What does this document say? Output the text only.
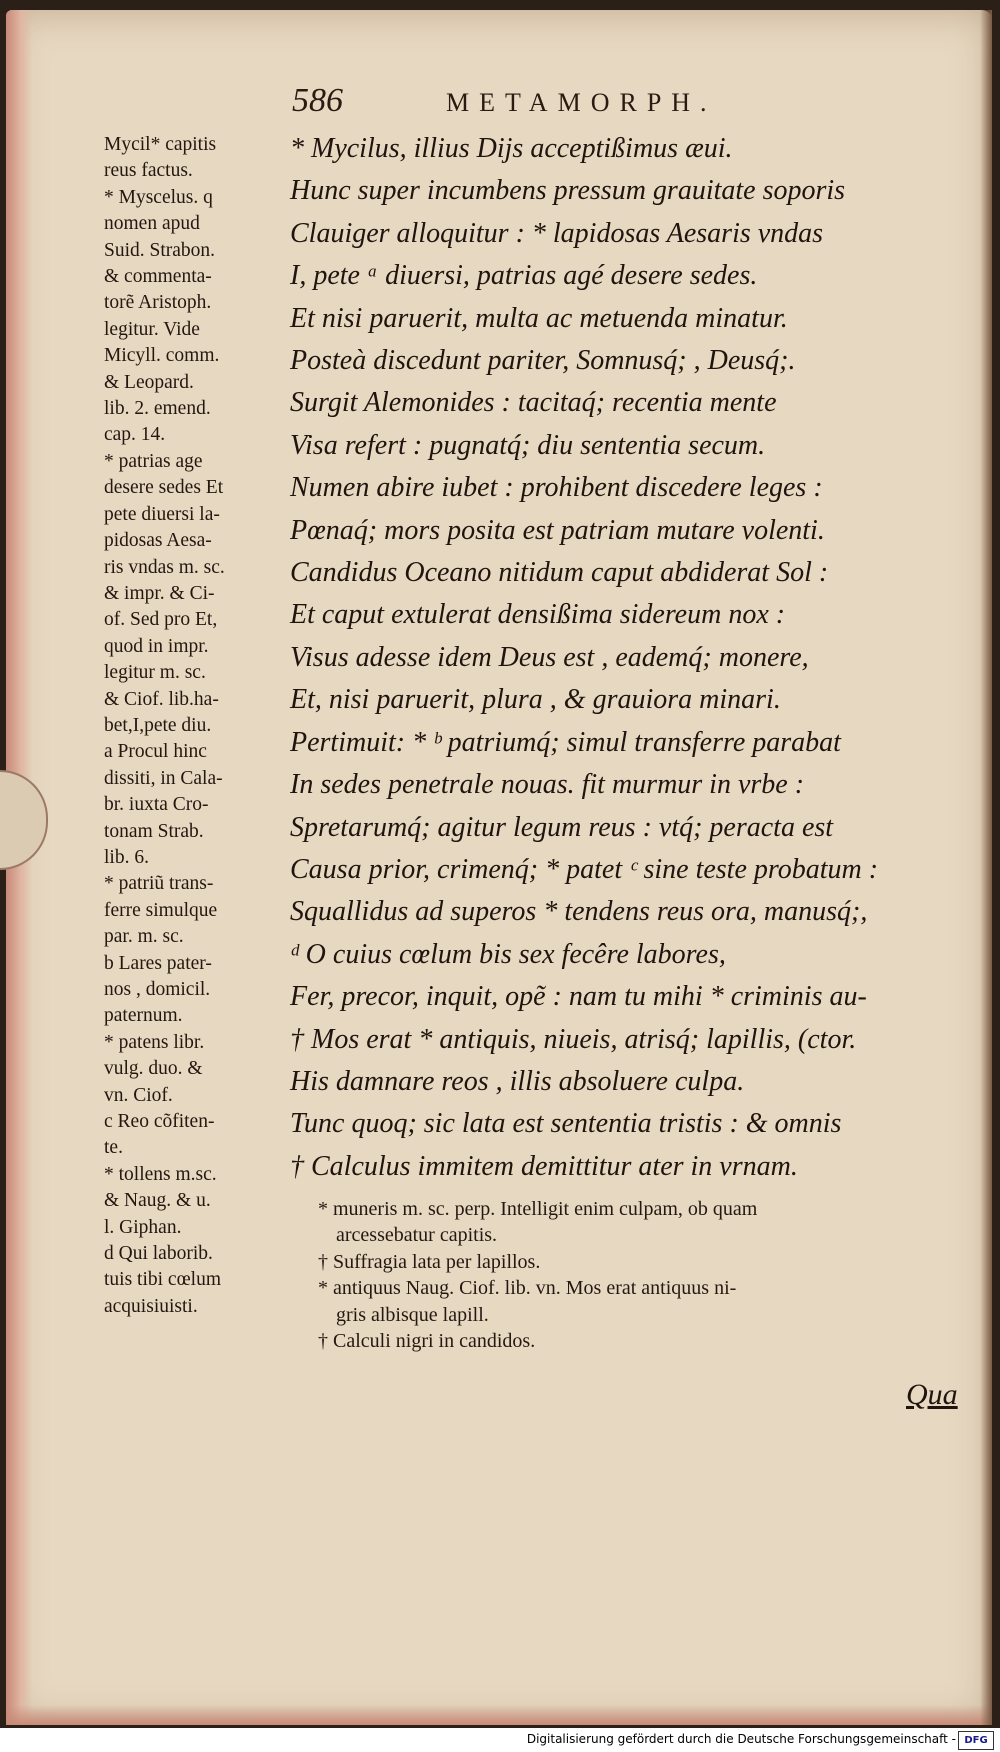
586	METAMORPH.
Mycil* capitis
reus factus.
* Myscelus. q
nomen apud
Suid. Strabon.
& commenta-
torẽ Aristoph.
legitur. Vide
Micyll. comm.
& Leopard.
lib. 2. emend.
cap. 14.
* patrias age
desere sedes Et
pete diuersi la-
pidosas Aesa-
ris vndas m. sc.
& impr. & Ci-
of. Sed pro Et,
quod in impr.
legitur m. sc.
& Ciof. lib.ha-
bet,I,pete diu.
a Procul hinc
dissiti, in Cala-
br. iuxta Cro-
tonam Strab.
lib. 6.
* patriũ trans-
ferre simulque
par. m. sc.
b Lares pater-
nos , domicil.
paternum.
* patens libr.
vulg. duo. &
vn. Ciof.
c Reo cõfiten-
te.
* tollens m.sc.
& Naug. & u.
l. Giphan.
d Qui laborib.
tuis tibi cœlum
acquisiuisti.
* Mycilus, illius Dijs acceptißimus æui.
Hunc super incumbens pressum grauitate soporis
Clauiger alloquitur : * lapidosas Aesaris vndas
I, pete ᵃ diuersi, patrias agé desere sedes.
Et nisi paruerit, multa ac metuenda minatur.
Posteà discedunt pariter, Somnusq́; , Deusq́;.
Surgit Alemonides : tacitaq́; recentia mente
Visa refert : pugnatq́; diu sententia secum.
Numen abire iubet : prohibent discedere leges :
Pœnaq́; mors posita est patriam mutare volenti.
Candidus Oceano nitidum caput abdiderat Sol :
Et caput extulerat densißima sidereum nox :
Visus adesse idem Deus est , eademq́; monere,
Et, nisi paruerit, plura , & grauiora minari.
Pertimuit: * ᵇ patriumq́; simul transferre parabat
In sedes penetrale nouas. fit murmur in vrbe :
Spretarumq́; agitur legum reus : vtq́; peracta est
Causa prior, crimenq́; * patet ᶜ sine teste probatum :
Squallidus ad superos * tendens reus ora, manusq́;,
ᵈ O cuius cœlum bis sex fecêre labores,
Fer, precor, inquit, opẽ : nam tu mihi * criminis au-
† Mos erat * antiquis, niueis, atrisq́; lapillis, (ctor.
His damnare reos , illis absoluere culpa.
Tunc quoq; sic lata est sententia tristis : & omnis
† Calculus immitem demittitur ater in vrnam.
* muneris m. sc. perp. Intelligit enim culpam, ob quam
arcessebatur capitis.
† Suffragia lata per lapillos.
* antiquus Naug. Ciof. lib. vn. Mos erat antiquus ni-
gris albisque lapill.
† Calculi nigri in candidos.
Qua
Digitalisierung gefördert durch die Deutsche Forschungsgemeinschaft - DFG
